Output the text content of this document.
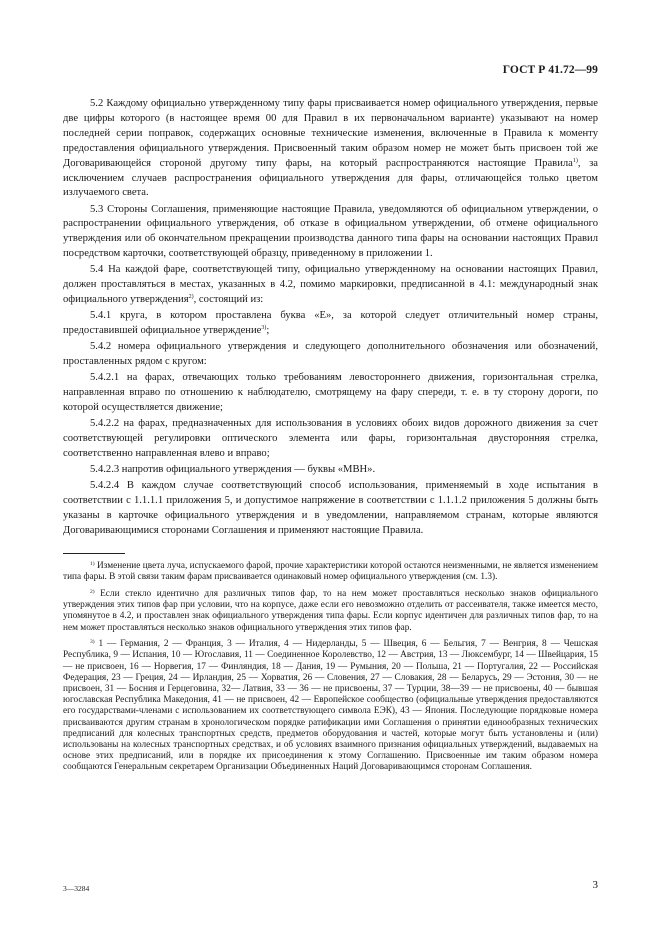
ГОСТ Р 41.72—99

5.2 Каждому официально утвержденному типу фары присваивается номер официального утверждения, первые две цифры которого (в настоящее время 00 для Правил в их первоначальном варианте) указывают на номер последней серии поправок, содержащих основные технические изменения, включенные в Правила к моменту предоставления официального утверждения. Присвоенный таким образом номер не может быть присвоен той же Договаривающейся стороной другому типу фары, на который распространяются настоящие Правила$^{1)}$, за исключением случаев распространения официального утверждения для фары, отличающейся только цветом излучаемого света.

5.3 Стороны Соглашения, применяющие настоящие Правила, уведомляются об официальном утверждении, о распространении официального утверждения, об отказе в официальном утверждении, об отмене официального утверждения или об окончательном прекращении производства данного типа фары на основании настоящих Правил посредством карточки, соответствующей образцу, приведенному в приложении 1.

5.4 На каждой фаре, соответствующей типу, официально утвержденному на основании настоящих Правил, должен проставляться в местах, указанных в 4.2, помимо маркировки, предписанной в 4.1: международный знак официального утверждения$^{2)}$, состоящий из:

5.4.1 круга, в котором проставлена буква «Е», за которой следует отличительный номер страны, предоставившей официальное утверждение$^{3)}$;

5.4.2 номера официального утверждения и следующего дополнительного обозначения или обозначений, проставленных рядом с кругом:

5.4.2.1 на фарах, отвечающих только требованиям левостороннего движения, горизонтальная стрелка, направленная вправо по отношению к наблюдателю, смотрящему на фару спереди, т. е. в ту сторону дороги, по которой осуществляется движение;

5.4.2.2 на фарах, предназначенных для использования в условиях обоих видов дорожного движения за счет соответствующей регулировки оптического элемента или фары, горизонтальная двусторонняя стрелка, соответственно направленная влево и вправо;

5.4.2.3 напротив официального утверждения — буквы «МВН».

5.4.2.4 В каждом случае соответствующий способ использования, применяемый в ходе испытания в соответствии с 1.1.1.1 приложения 5, и допустимое напряжение в соответствии с 1.1.1.2 приложения 5 должны быть указаны в карточке официального утверждения и в уведомлении, направляемом странам, которые являются Договаривающимися сторонами Соглашения и применяют настоящие Правила.

$^{1)}$ Изменение цвета луча, испускаемого фарой, прочие характеристики которой остаются неизменными, не является изменением типа фары. В этой связи таким фарам присваивается одинаковый номер официального утверждения (см. 1.3).

$^{2)}$ Если стекло идентично для различных типов фар, то на нем может проставляться несколько знаков официального утверждения этих типов фар при условии, что на корпусе, даже если его невозможно отделить от рассеивателя, также имеется место, упомянутое в 4.2, и проставлен знак официального утверждения типа фары. Если корпус идентичен для различных типов фар, то на нем может проставляться несколько знаков официального утверждения этих типов фар.

$^{3)}$ 1 — Германия, 2 — Франция, 3 — Италия, 4 — Нидерланды, 5 — Швеция, 6 — Бельгия, 7 — Венгрия, 8 — Чешская Республика, 9 — Испания, 10 — Югославия, 11 — Соединенное Королевство, 12 — Австрия, 13 — Люксембург, 14 — Швейцария, 15 — не присвоен, 16 — Норвегия, 17 — Финляндия, 18 — Дания, 19 — Румыния, 20 — Польша, 21 — Португалия, 22 — Российская Федерация, 23 — Греция, 24 — Ирландия, 25 — Хорватия, 26 — Словения, 27 — Словакия, 28 — Беларусь, 29 — Эстония, 30 — не присвоен, 31 — Босния и Герцеговина, 32— Латвия, 33 — 36 — не присвоены, 37 — Турции, 38—39 — не присвоены, 40 — бывшая югославская Республика Македония, 41 — не присвоен, 42 — Европейское сообщество (официальные утверждения предоставляются его государствами-членами с использованием их соответствующего символа ЕЭК), 43 — Япония. Последующие порядковые номера присваиваются другим странам в хронологическом порядке ратификации ими Соглашения о принятии единообразных технических предписаний для колесных транспортных средств, предметов оборудования и частей, которые могут быть установлены и (или) использованы на колесных транспортных средствах, и об условиях взаимного признания официальных утверждений, выдаваемых на основе этих предписаний, или в порядке их присоединения к этому Соглашению. Присвоенные им таким образом номера сообщаются Генеральным секретарем Организации Объединенных Наций Договаривающимся сторонам Соглашения.

3—3284	3
